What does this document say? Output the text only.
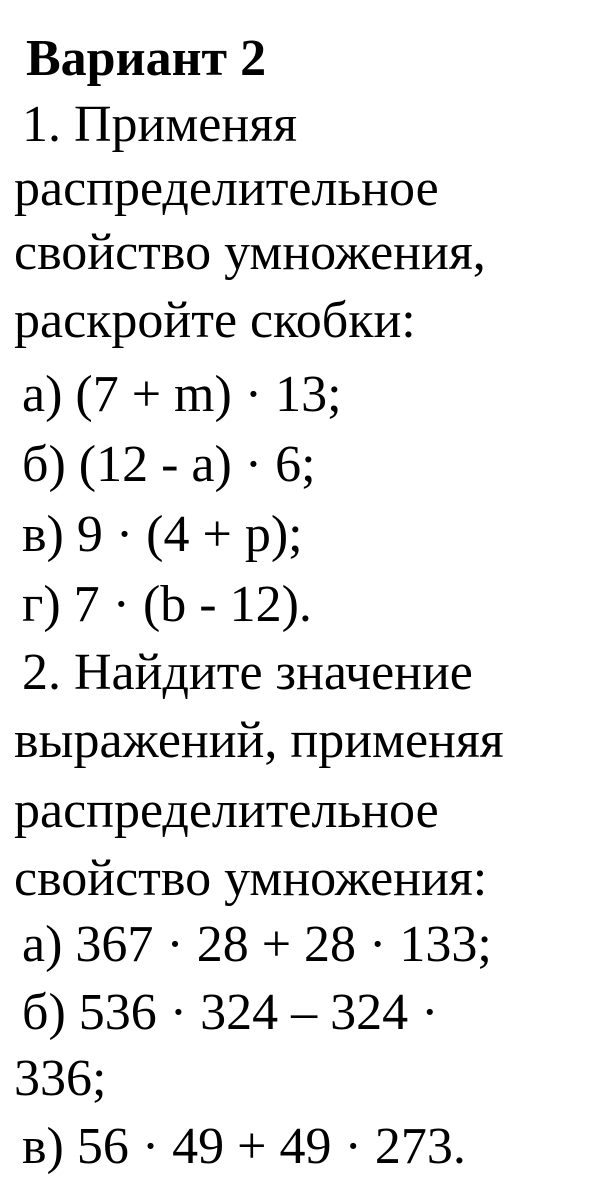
Вариант 2
1. Применяя
распределительное
свойство умножения,
раскройте скобки:
а) (7 + m) · 13;
б) (12 - а) · 6;
в) 9 · (4 + p);
г) 7 · (b - 12).
2. Найдите значение
выражений, применяя
распределительное
свойство умножения:
а) 367 · 28 + 28 · 133;
б) 536 · 324 – 324 ·
336;
в) 56 · 49 + 49 · 273.
